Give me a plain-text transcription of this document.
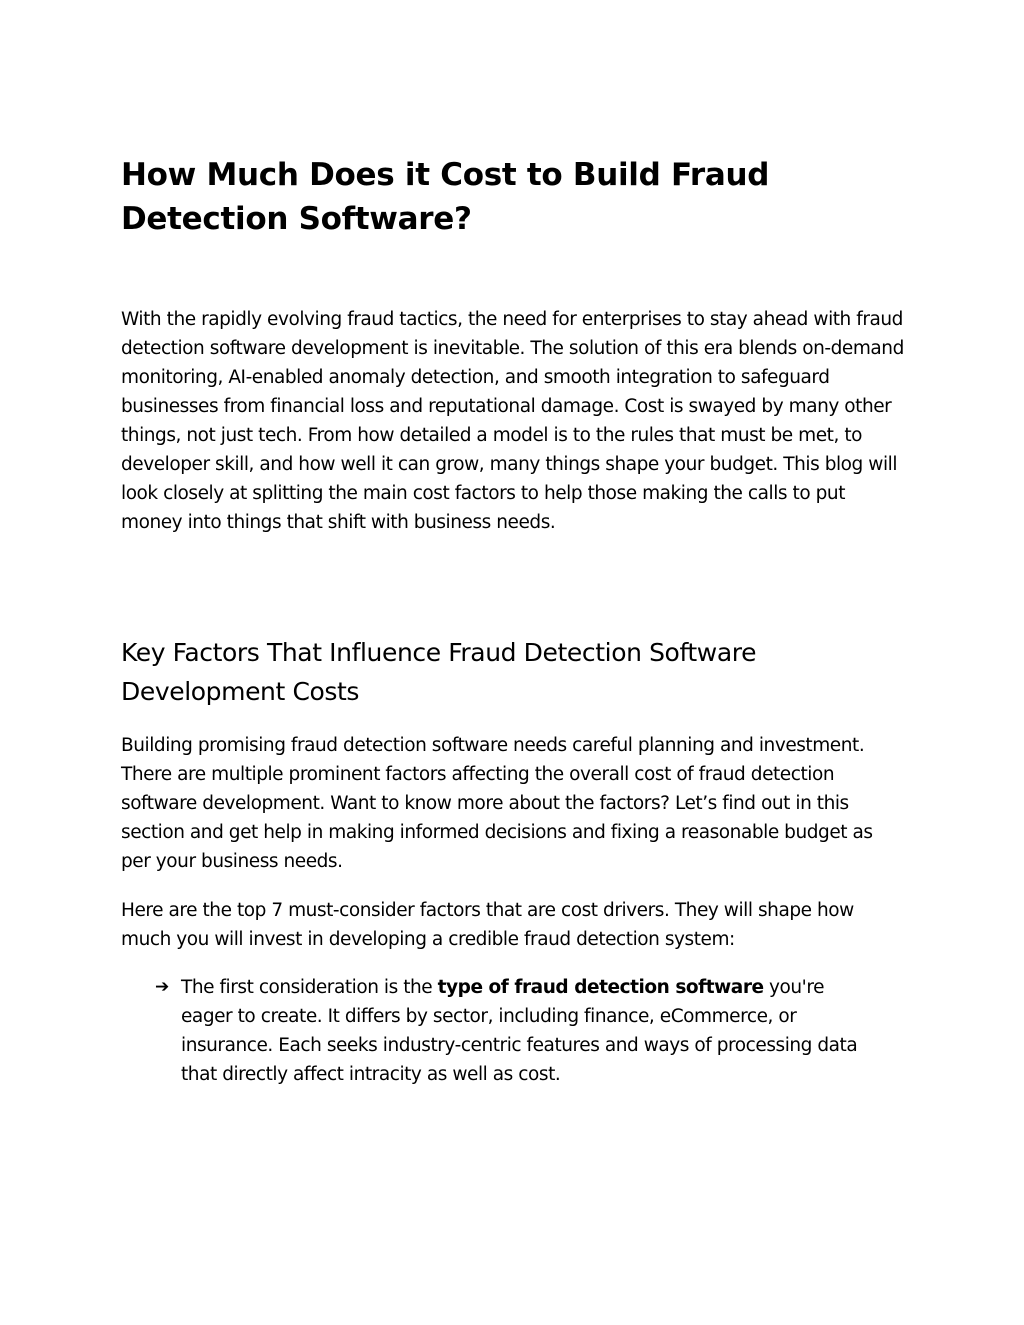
How Much Does it Cost to Build Fraud Detection Software?

With the rapidly evolving fraud tactics, the need for enterprises to stay ahead with fraud detection software development is inevitable. The solution of this era blends on-demand monitoring, AI-enabled anomaly detection, and smooth integration to safeguard businesses from financial loss and reputational damage. Cost is swayed by many other things, not just tech. From how detailed a model is to the rules that must be met, to developer skill, and how well it can grow, many things shape your budget. This blog will look closely at splitting the main cost factors to help those making the calls to put money into things that shift with business needs.

Key Factors That Influence Fraud Detection Software Development Costs

Building promising fraud detection software needs careful planning and investment. There are multiple prominent factors affecting the overall cost of fraud detection software development. Want to know more about the factors? Let’s find out in this section and get help in making informed decisions and fixing a reasonable budget as per your business needs.

Here are the top 7 must-consider factors that are cost drivers. They will shape how much you will invest in developing a credible fraud detection system:

➔ The first consideration is the type of fraud detection software you're eager to create. It differs by sector, including finance, eCommerce, or insurance. Each seeks industry-centric features and ways of processing data that directly affect intracity as well as cost.
